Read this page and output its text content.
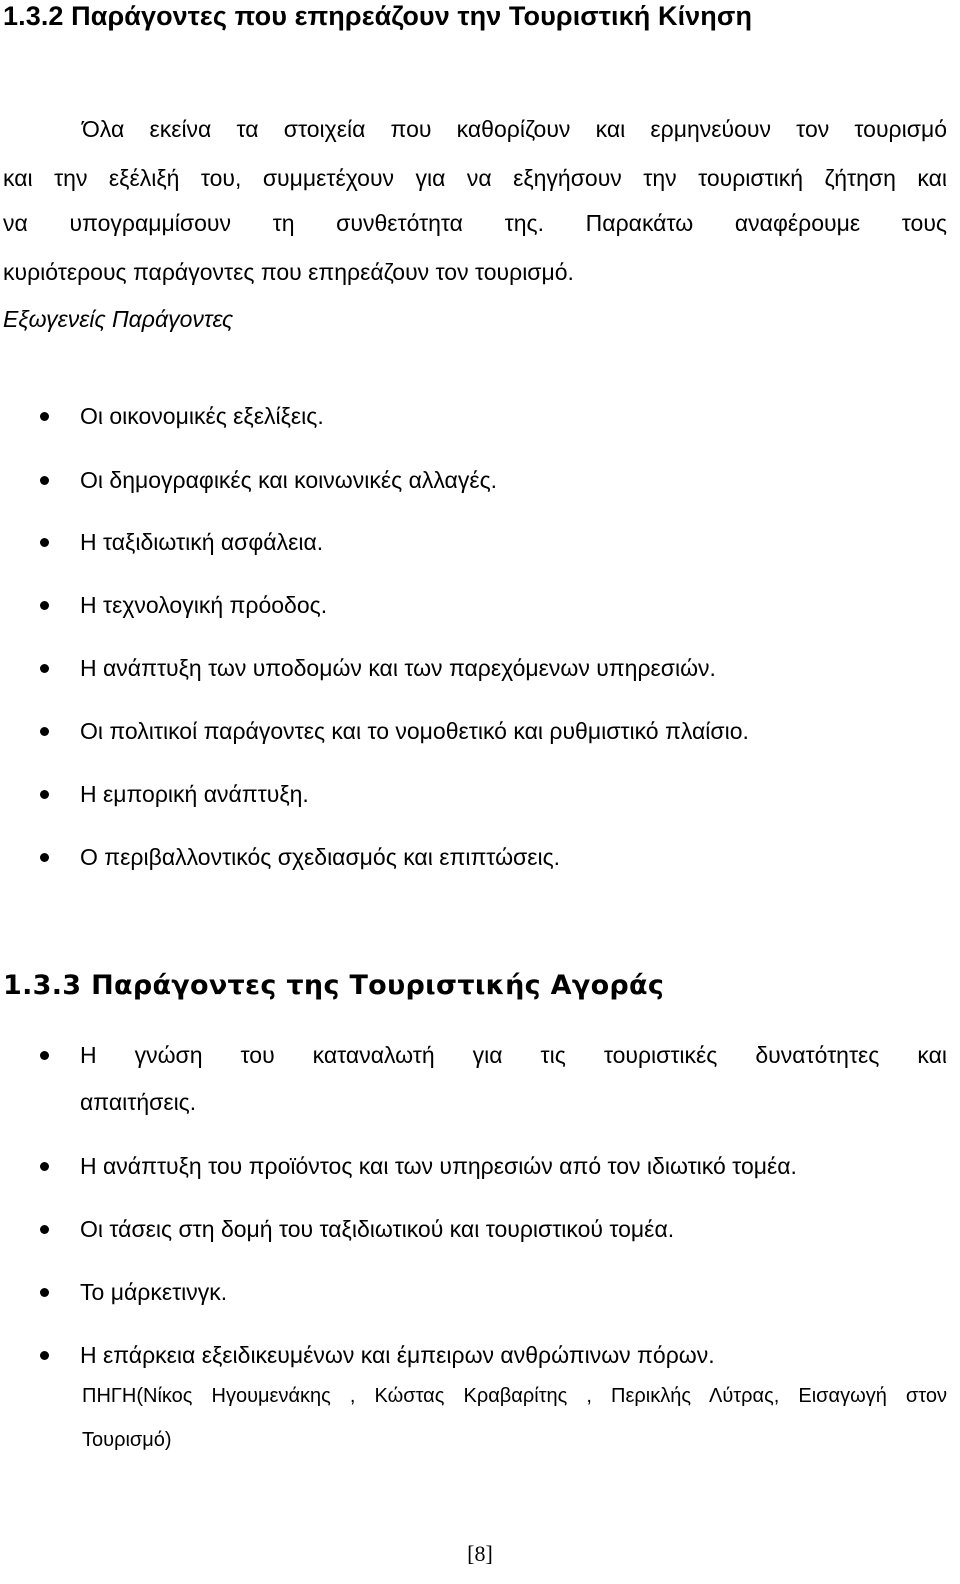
1.3.2 Παράγοντες που επηρεάζουν την Τουριστική Κίνηση
Όλα εκείνα τα στοιχεία που καθορίζουν και ερμηνεύουν τον τουρισμό
και την εξέλιξή του, συμμετέχουν για να εξηγήσουν την τουριστική ζήτηση και
να υπογραμμίσουν τη συνθετότητα της. Παρακάτω αναφέρουμε τους
κυριότερους παράγοντες που επηρεάζουν τον τουρισμό.
Εξωγενείς Παράγοντες
Οι οικονομικές εξελίξεις.
Οι δημογραφικές και κοινωνικές αλλαγές.
Η ταξιδιωτική ασφάλεια.
Η τεχνολογική πρόοδος.
Η ανάπτυξη των υποδομών και των παρεχόμενων υπηρεσιών.
Οι πολιτικοί παράγοντες και το νομοθετικό και ρυθμιστικό πλαίσιο.
Η εμπορική ανάπτυξη.
Ο περιβαλλοντικός σχεδιασμός και επιπτώσεις.
1.3.3 Παράγοντες της Τουριστικής Αγοράς
Η γνώση του καταναλωτή για τις τουριστικές δυνατότητες και
απαιτήσεις.
Η ανάπτυξη του προϊόντος και των υπηρεσιών από τον ιδιωτικό τομέα.
Οι τάσεις στη δομή του ταξιδιωτικού και τουριστικού τομέα.
Το μάρκετινγκ.
Η επάρκεια εξειδικευμένων και έμπειρων ανθρώπινων πόρων.
ΠΗΓΗ(Νίκος Ηγουμενάκης , Κώστας Κραβαρίτης , Περικλής Λύτρας, Εισαγωγή στον
Τουρισμό)
[8]
